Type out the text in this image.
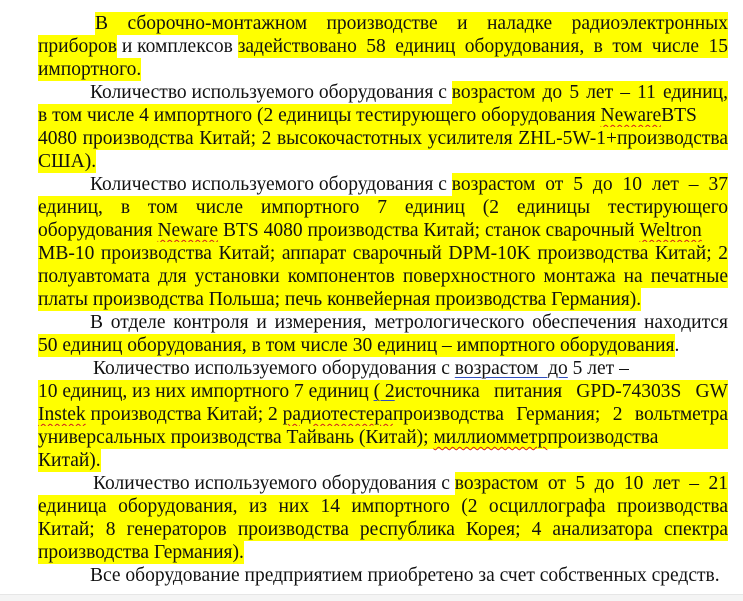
В сборочно-монтажном производстве и наладке радиоэлектронных
приборов и комплексов задействовано 58 единиц оборудования, в том числе 15
импортного.
Количество используемого оборудования с возрастом до 5 лет – 11 единиц,
в том числе 4 импортного (2 единицы тестирующего оборудования Neware BTS
4080 производства Китай; 2 высокочастотных усилителя ZHL-5W-1+производства
США).
Количество используемого оборудования с возрастом от 5 до 10 лет – 37
единиц, в том числе импортного 7 единиц (2 единицы тестирующего
оборудования Neware BTS 4080 производства Китай; станок сварочный Weltron
MB-10 производства Китай; аппарат сварочный DPM-10K производства Китай; 2
полуавтомата для установки компонентов поверхностного монтажа на печатные
платы производства Польша; печь конвейерная производства Германия).
В отделе контроля и измерения, метрологического обеспечения находится
50 единиц оборудования, в том числе 30 единиц – импортного оборудования .
Количество используемого оборудования с возрастом  до 5 лет –
10 единиц, из них импортного 7 единиц ( 2 источника питания GPD-74303S GW
Instek производства Китай; 2 радиотестера производства Германия; 2 вольтметра
универсальных производства Тайвань (Китай); миллиомметр производства
Китай).
Количество используемого оборудования с возрастом от 5 до 10 лет – 21
единица оборудования, из них 14 импортного (2 осциллографа производства
Китай; 8 генераторов производства республика Корея; 4 анализатора спектра
производства Германия).
Все оборудование предприятием приобретено за счет собственных средств.
